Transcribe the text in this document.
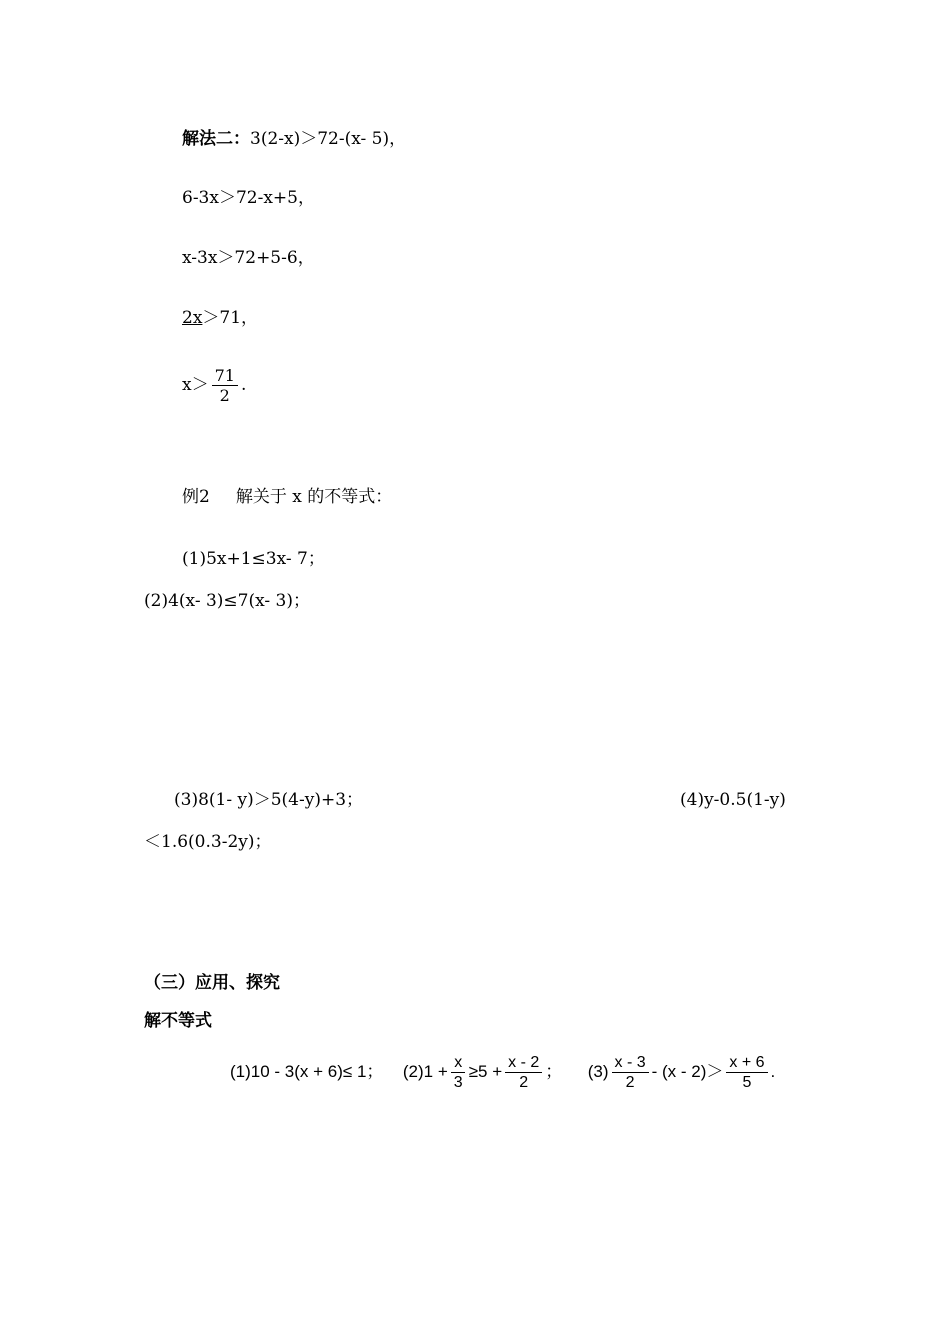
解法二：3(2-x)＞72-(x- 5)，
6-3x＞72-x+5，
x-3x＞72+5-6，
2x＞71，
$x> \frac{71}{2}$ .
例2 解关于 x 的不等式：
(1)5x+1≤3x- 7；
(2)4(x- 3)≤7(x- 3)；
(3)8(1- y)＞5(4-y)+3；	(4)y-0.5(1-y)
＜1.6(0.3-2y)；
（三）应用、探究
解不等式
(1)10 - 3(x + 6)≤ 1； $(2)1 + \frac{x}{3} \ge 5 + \frac{x - 2}{2}$ ； $(3) \frac{x - 3}{2} - (x - 2)> \frac{x + 6}{5}$ .
